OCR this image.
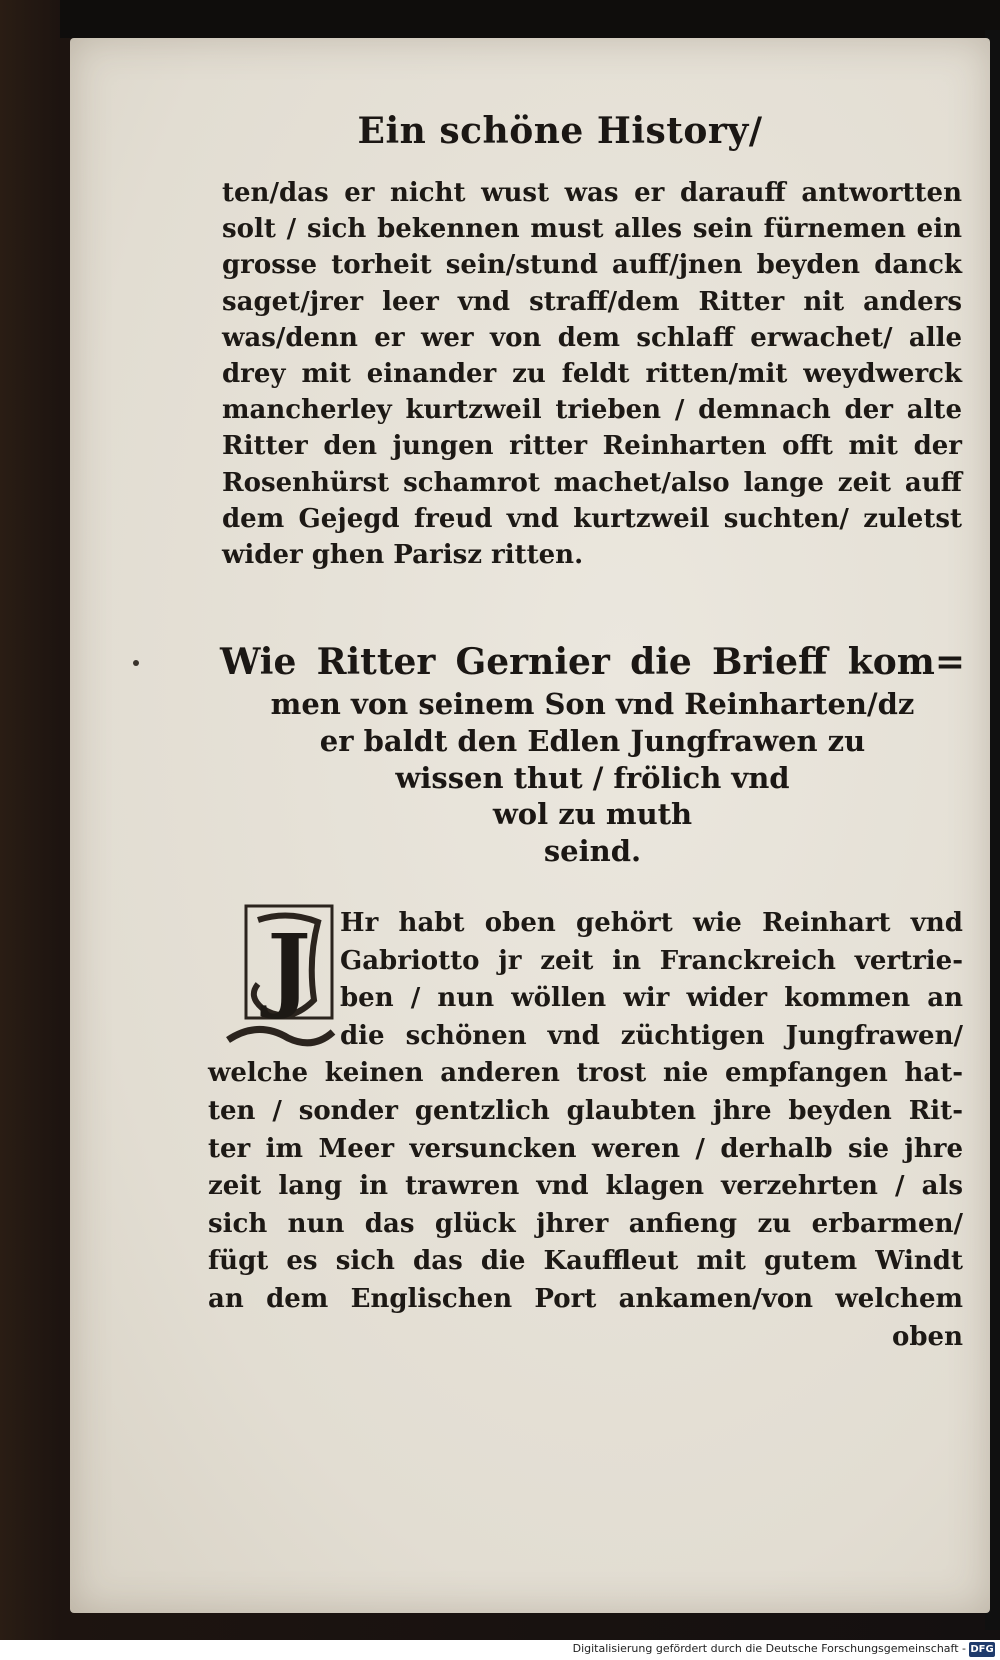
Ein schöne History/
ten/das er nicht wust was er darauff antwortten
solt / sich bekennen must alles sein fürnemen ein
grosse torheit sein/stund auff/jnen beyden danck
saget/jrer leer vnd straff/dem Ritter nit anders
was/denn er wer von dem schlaff erwachet/ alle
drey mit einander zu feldt ritten/mit weydwerck
mancherley kurtzweil trieben / demnach der alte
Ritter den jungen ritter Reinharten offt mit der
Rosenhürst schamrot machet/also lange zeit auff
dem Gejegd freud vnd kurtzweil suchten/ zuletst
wider ghen Parisz ritten.
Wie Ritter Gernier die Brieff kom=
men von seinem Son vnd Reinharten/dz
er baldt den Edlen Jungfrawen zu
wissen thut / frölich vnd
wol zu muth
seind.
J Hr habt oben gehört wie Reinhart vnd
Gabriotto jr zeit in Franckreich vertrie-
ben / nun wöllen wir wider kommen an
die schönen vnd züchtigen Jungfrawen/
welche keinen anderen trost nie empfangen hat-
ten / sonder gentzlich glaubten jhre beyden Rit-
ter im Meer versuncken weren / derhalb sie jhre
zeit lang in trawren vnd klagen verzehrten / als
sich nun das glück jhrer anfieng zu erbarmen/
fügt es sich das die Kauffleut mit gutem Windt
an dem Englischen Port ankamen/von welchem
oben
Digitalisierung gefördert durch die Deutsche Forschungsgemeinschaft - DFG
